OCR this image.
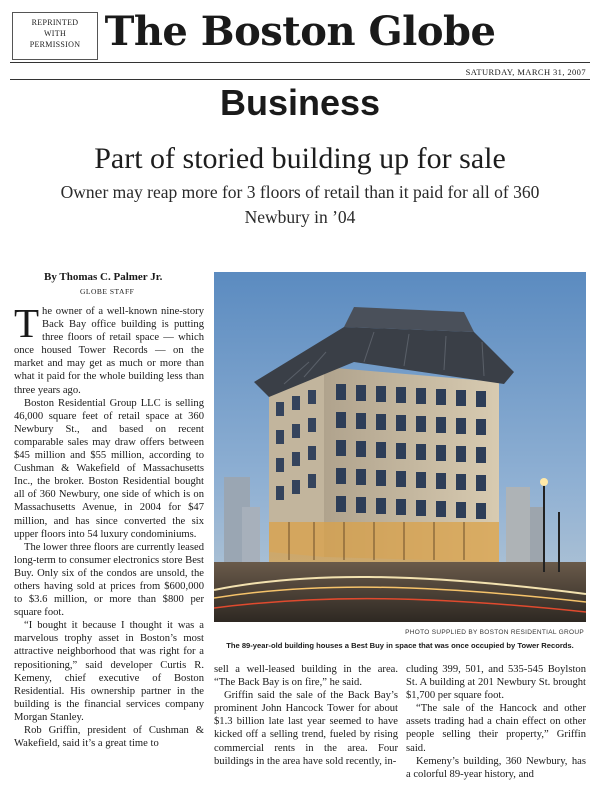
REPRINTED
WITH
PERMISSION The Boston Globe
SATURDAY, MARCH 31, 2007
Business
Part of storied building up for sale
Owner may reap more for 3 floors of retail than it paid for all of 360 Newbury in ’04
By Thomas C. Palmer Jr.
GLOBE STAFF

The owner of a well-known nine-story Back Bay office building is putting three floors of retail space — which once housed Tower Records — on the market and may get as much or more than what it paid for the whole building less than three years ago.

Boston Residential Group LLC is selling 46,000 square feet of retail space at 360 Newbury St., and based on recent comparable sales may draw offers between $45 million and $55 million, according to Cushman & Wakefield of Massachusetts Inc., the broker. Boston Residential bought all of 360 Newbury, one side of which is on Massachusetts Avenue, in 2004 for $47 million, and has since converted the six upper floors into 54 luxury condominiums.

The lower three floors are currently leased long-term to consumer electronics store Best Buy. Only six of the condos are unsold, the others having sold at prices from $600,000 to $3.6 million, or more than $800 per square foot.

“I bought it because I thought it was a marvelous trophy asset in Boston’s most attractive neighborhood that was right for a repositioning,” said developer Curtis R. Kemeny, chief executive of Boston Residential. His ownership partner in the building is the financial services company Morgan Stanley.

Rob Griffin, president of Cushman & Wakefield, said it’s a great time to

PHOTO SUPPLIED BY BOSTON RESIDENTIAL GROUP
The 89-year-old building houses a Best Buy in space that was once occupied by Tower Records.

sell a well-leased building in the area. “The Back Bay is on fire,” he said.

Griffin said the sale of the Back Bay’s prominent John Hancock Tower for about $1.3 billion late last year seemed to have kicked off a selling trend, fueled by rising commercial rents in the area. Four buildings in the area have sold recently, in-

cluding 399, 501, and 535-545 Boylston St. A building at 201 Newbury St. brought $1,700 per square foot.

“The sale of the Hancock and other assets trading had a chain effect on other people selling their property,” Griffin said.

Kemeny’s building, 360 Newbury, has a colorful 89-year history, and
